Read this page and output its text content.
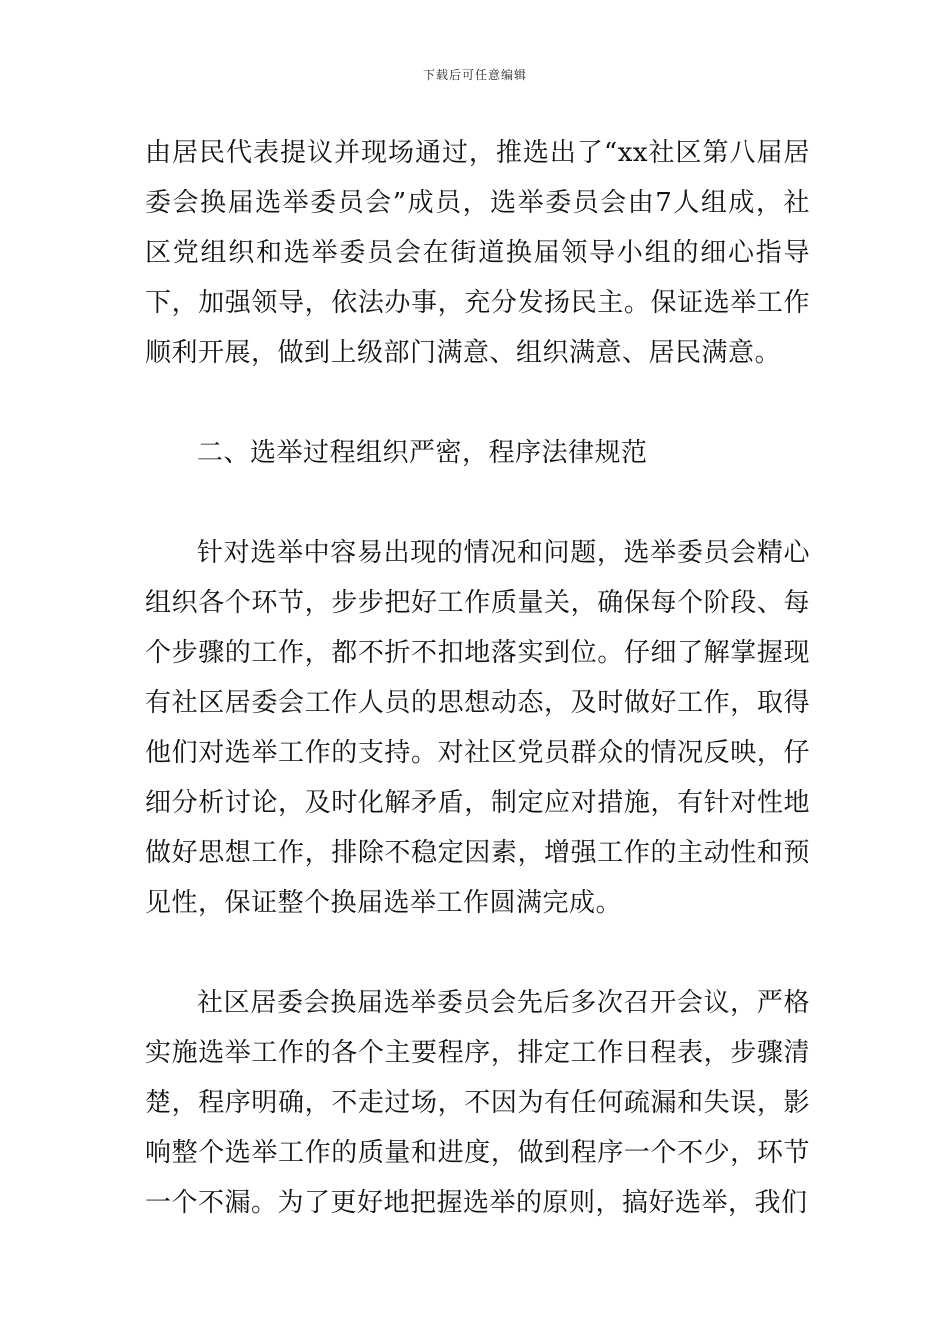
下载后可任意编辑

由居民代表提议并现场通过，推选出了“xx社区第八届居委会换届选举委员会”成员，选举委员会由7人组成，社区党组织和选举委员会在街道换届领导小组的细心指导下，加强领导，依法办事，充分发扬民主。保证选举工作顺利开展，做到上级部门满意、组织满意、居民满意。

二、选举过程组织严密，程序法律规范

针对选举中容易出现的情况和问题，选举委员会精心组织各个环节，步步把好工作质量关，确保每个阶段、每个步骤的工作，都不折不扣地落实到位。仔细了解掌握现有社区居委会工作人员的思想动态，及时做好工作，取得他们对选举工作的支持。对社区党员群众的情况反映，仔细分析讨论，及时化解矛盾，制定应对措施，有针对性地做好思想工作，排除不稳定因素，增强工作的主动性和预见性，保证整个换届选举工作圆满完成。

社区居委会换届选举委员会先后多次召开会议，严格实施选举工作的各个主要程序，排定工作日程表，步骤清楚，程序明确，不走过场，不因为有任何疏漏和失误，影响整个选举工作的质量和进度，做到程序一个不少，环节一个不漏。为了更好地把握选举的原则，搞好选举，我们
